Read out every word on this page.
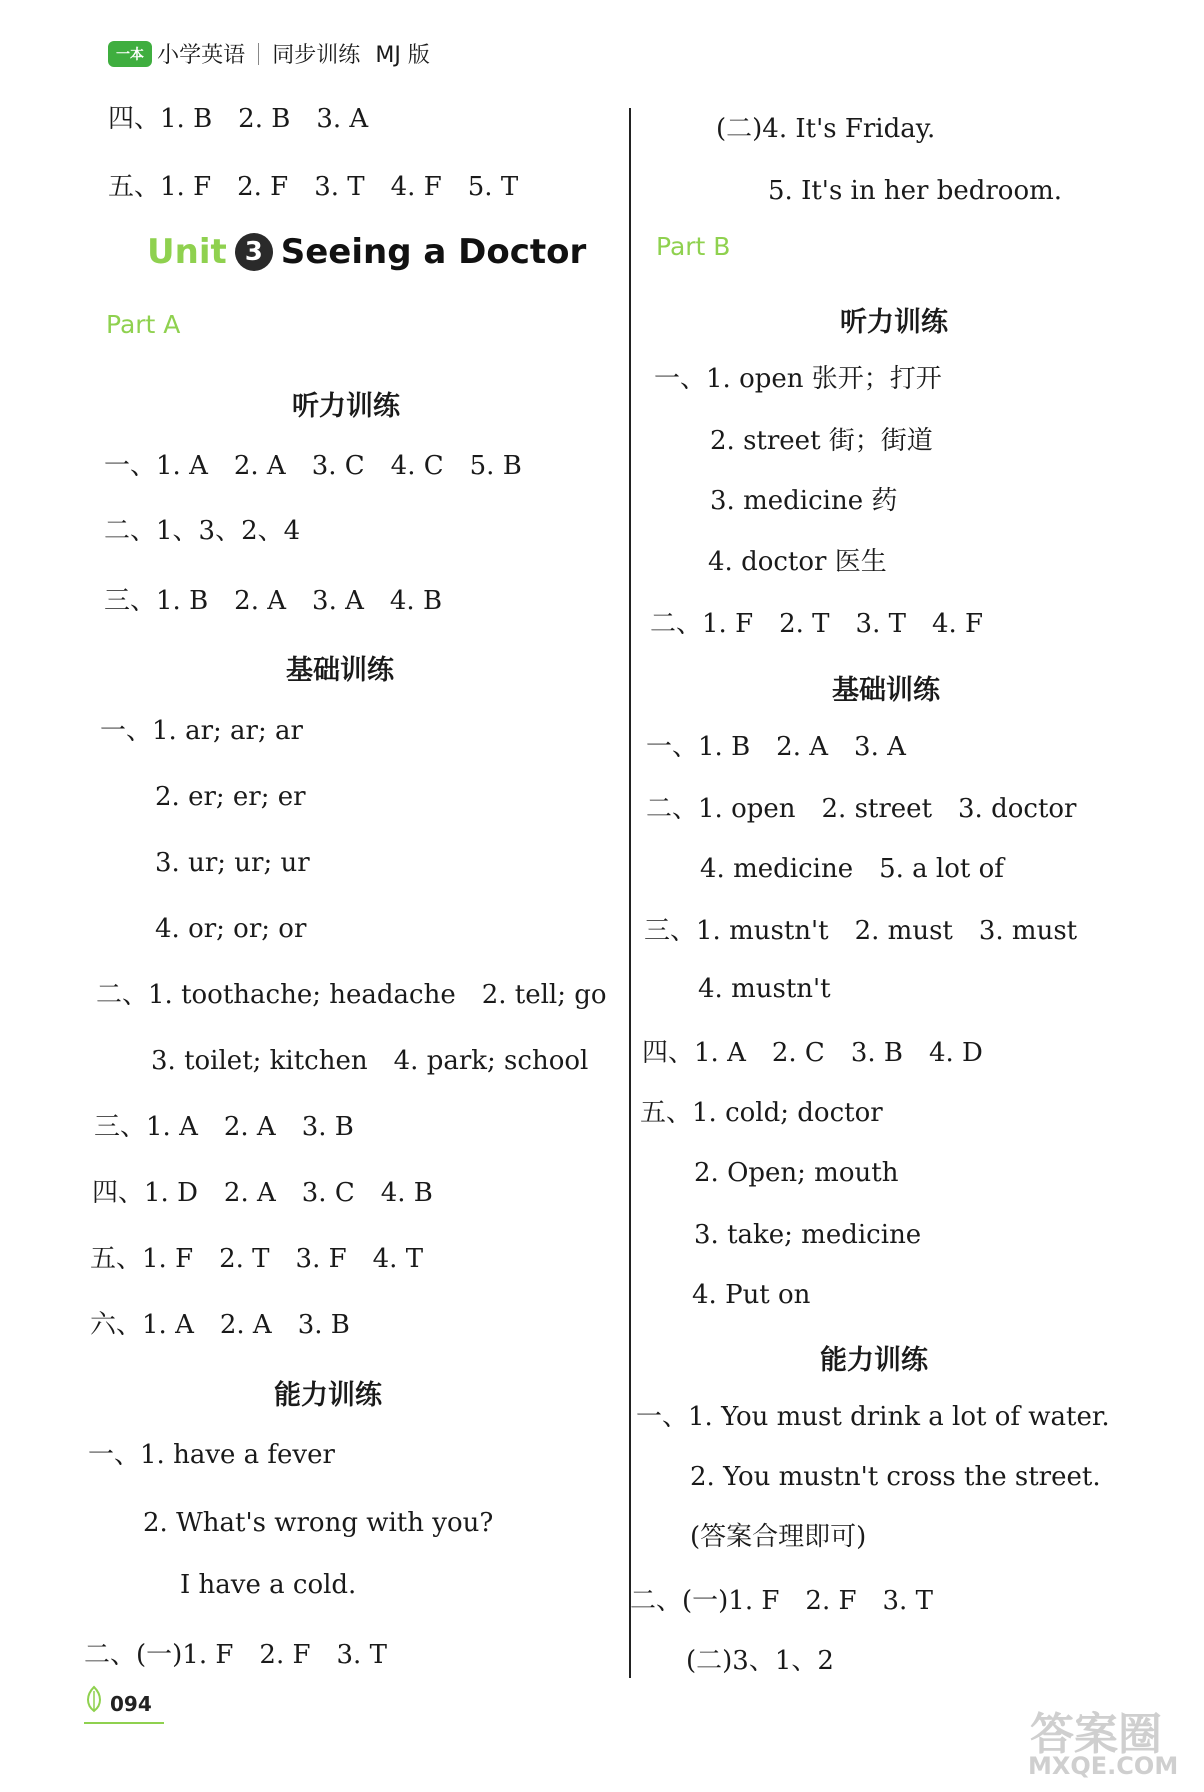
一本 小学英语 同步训练 MJ 版
四、1. B　2. B　3. A
五、1. F　2. F　3. T　4. F　5. T
Unit 3 Seeing a Doctor
Part A
听力训练
一、1. A　2. A　3. C　4. C　5. B
二、1、3、2、4
三、1. B　2. A　3. A　4. B
基础训练
一、1. ar; ar; ar
2. er; er; er
3. ur; ur; ur
4. or; or; or
二、1. toothache; headache　2. tell; go
3. toilet; kitchen　4. park; school
三、1. A　2. A　3. B
四、1. D　2. A　3. C　4. B
五、1. F　2. T　3. F　4. T
六、1. A　2. A　3. B
能力训练
一、1. have a fever
2. What's wrong with you?
I have a cold.
二、(一)1. F　2. F　3. T
(二)4. It's Friday.
5. It's in her bedroom.
Part B
听力训练
一、1. open 张开；打开
2. street 街；街道
3. medicine 药
4. doctor 医生
二、1. F　2. T　3. T　4. F
基础训练
一、1. B　2. A　3. A
二、1. open　2. street　3. doctor
4. medicine　5. a lot of
三、1. mustn't　2. must　3. must
4. mustn't
四、1. A　2. C　3. B　4. D
五、1. cold; doctor
2. Open; mouth
3. take; medicine
4. Put on
能力训练
一、1. You must drink a lot of water.
2. You mustn't cross the street.
(答案合理即可)
二、(一)1. F　2. F　3. T
(二)3、1、2
094
答案圈
MXQE.COM
